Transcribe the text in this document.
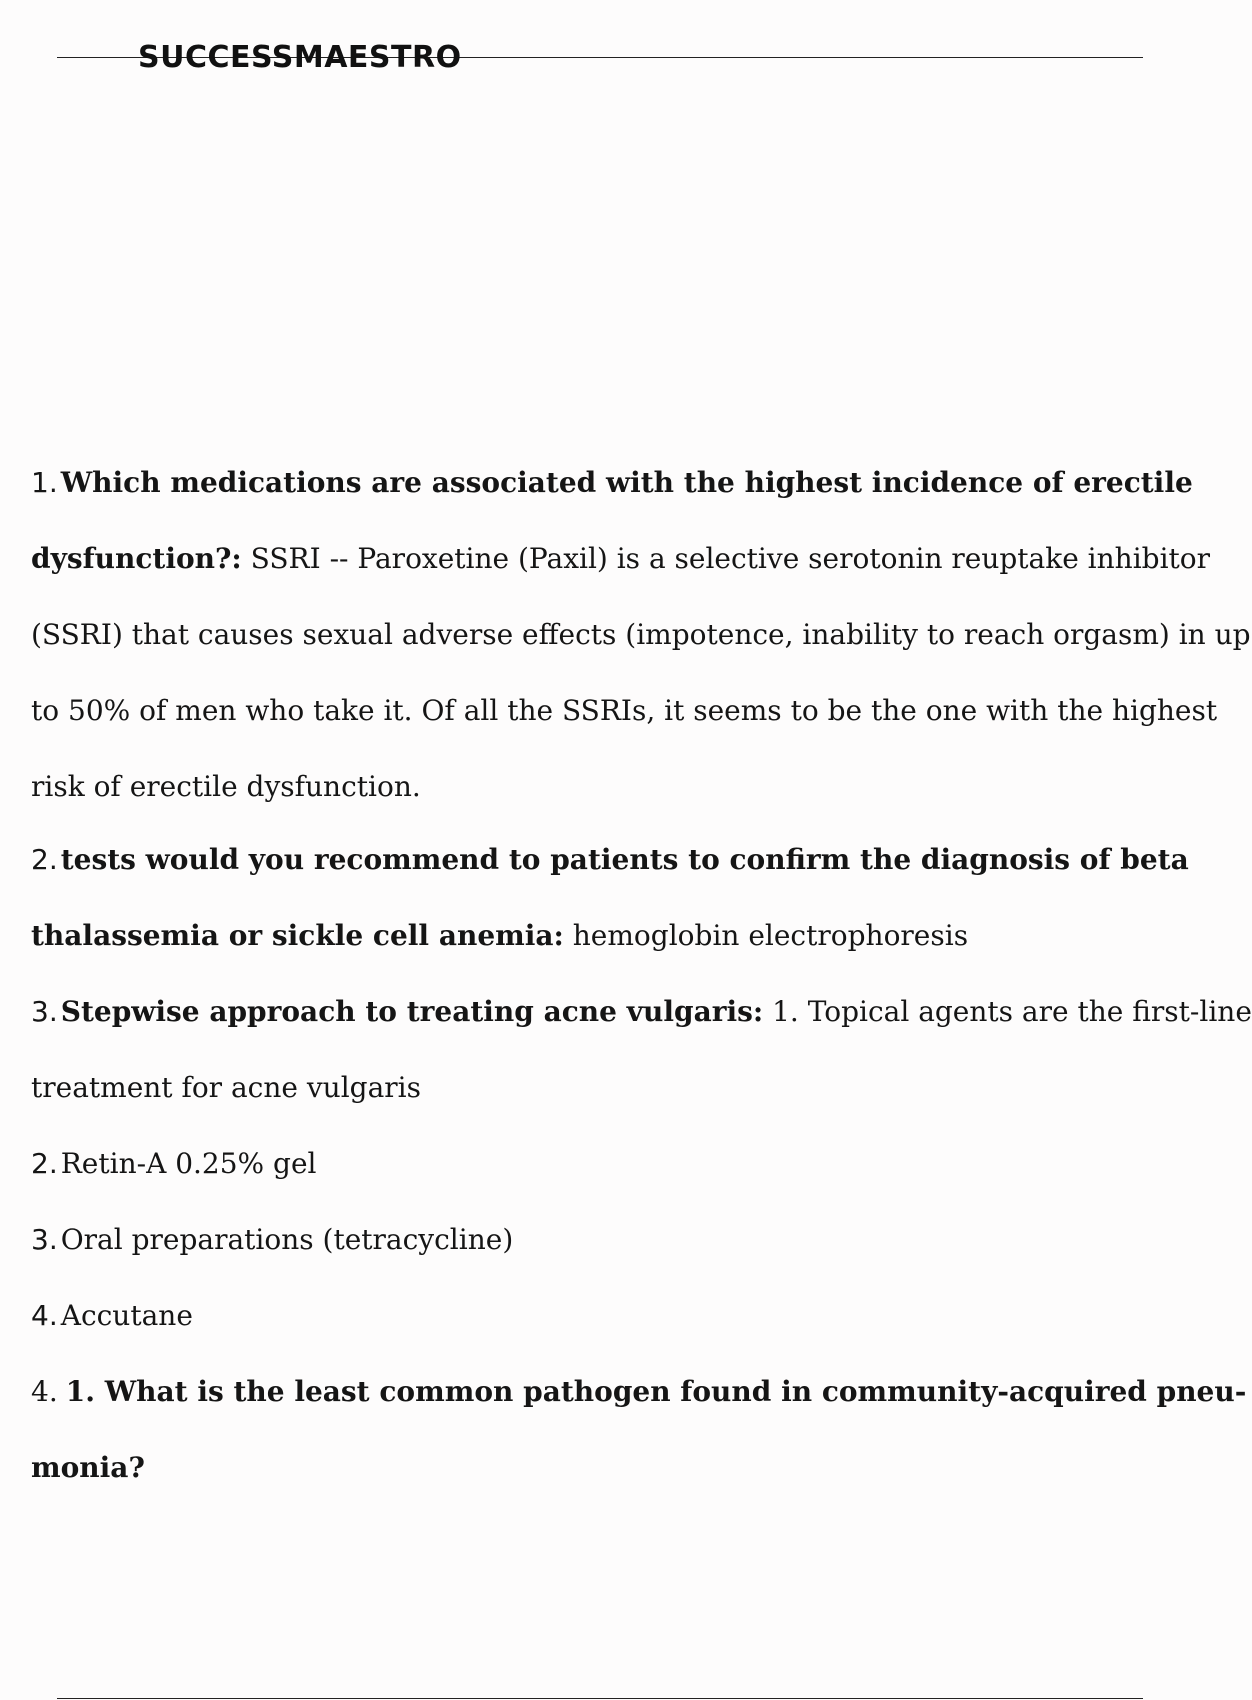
SUCCESSMAESTRO
1. Which medications are associated with the highest incidence of erectile
dysfunction?: SSRI -- Paroxetine (Paxil) is a selective serotonin reuptake inhibitor
(SSRI) that causes sexual adverse effects (impotence, inability to reach orgasm) in up
to 50% of men who take it. Of all the SSRIs, it seems to be the one with the highest
risk of erectile dysfunction.
2. tests would you recommend to patients to confirm the diagnosis of beta
thalassemia or sickle cell anemia: hemoglobin electrophoresis
3. Stepwise approach to treating acne vulgaris: 1. Topical agents are the first-line
treatment for acne vulgaris
2. Retin-A 0.25% gel
3. Oral preparations (tetracycline)
4. Accutane
4. 1. What is the least common pathogen found in community-acquired pneu-
monia?
